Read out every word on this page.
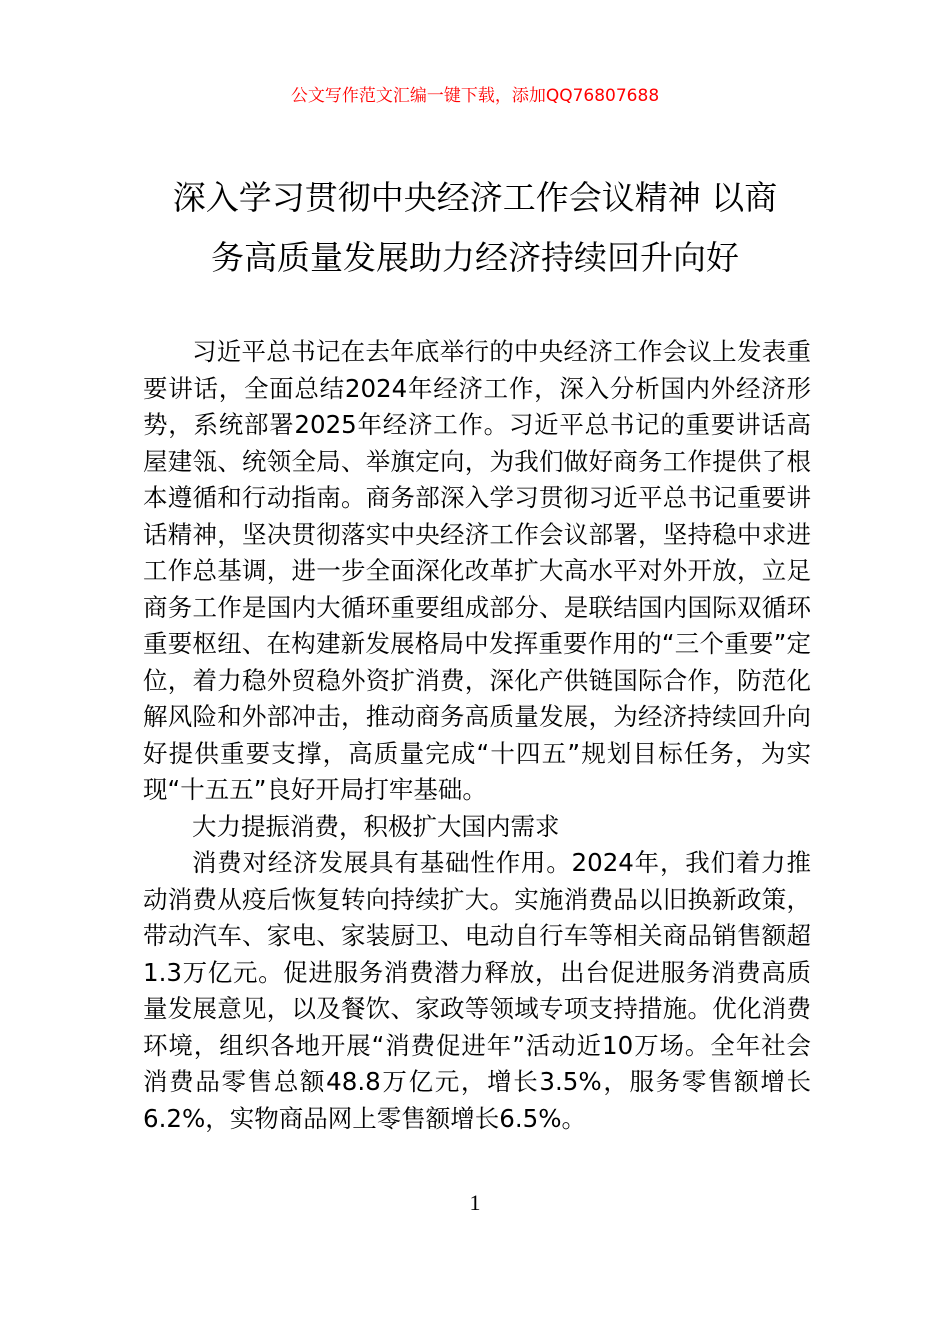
公文写作范文汇编一键下载，添加QQ76807688
深入学习贯彻中央经济工作会议精神 以商
务高质量发展助力经济持续回升向好

习近平总书记在去年底举行的中央经济工作会议上发表重要讲话，全面总结2024年经济工作，深入分析国内外经济形势，系统部署2025年经济工作。习近平总书记的重要讲话高屋建瓴、统领全局、举旗定向，为我们做好商务工作提供了根本遵循和行动指南。商务部深入学习贯彻习近平总书记重要讲话精神，坚决贯彻落实中央经济工作会议部署，坚持稳中求进工作总基调，进一步全面深化改革扩大高水平对外开放，立足商务工作是国内大循环重要组成部分、是联结国内国际双循环重要枢纽、在构建新发展格局中发挥重要作用的“三个重要”定位，着力稳外贸稳外资扩消费，深化产供链国际合作，防范化解风险和外部冲击，推动商务高质量发展，为经济持续回升向好提供重要支撑，高质量完成“十四五”规划目标任务，为实现“十五五”良好开局打牢基础。

大力提振消费，积极扩大国内需求

消费对经济发展具有基础性作用。2024年，我们着力推动消费从疫后恢复转向持续扩大。实施消费品以旧换新政策，带动汽车、家电、家装厨卫、电动自行车等相关商品销售额超1.3万亿元。促进服务消费潜力释放，出台促进服务消费高质量发展意见，以及餐饮、家政等领域专项支持措施。优化消费环境，组织各地开展“消费促进年”活动近10万场。全年社会消费品零售总额48.8万亿元，增长3.5%，服务零售额增长6.2%，实物商品网上零售额增长6.5%。

1
